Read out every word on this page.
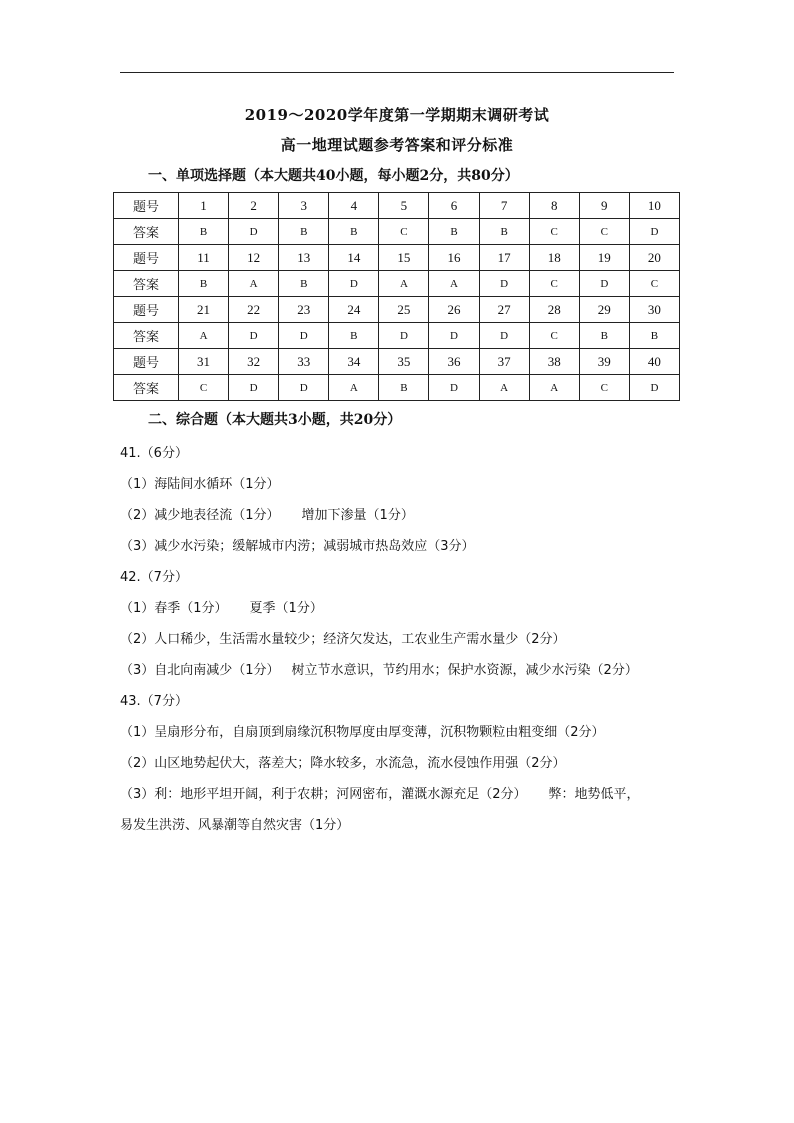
2019～2020学年度第一学期期末调研考试
高一地理试题参考答案和评分标准
一、单项选择题（本大题共40小题，每小题2分，共80分）
题号	1	2	3	4	5	6	7	8	9	10
答案	B	D	B	B	C	B	B	C	C	D
题号	11	12	13	14	15	16	17	18	19	20
答案	B	A	B	D	A	A	D	C	D	C
题号	21	22	23	24	25	26	27	28	29	30
答案	A	D	D	B	D	D	D	C	B	B
题号	31	32	33	34	35	36	37	38	39	40
答案	C	D	D	A	B	D	A	A	C	D
二、综合题（本大题共3小题，共20分）
41.（6分）
（1）海陆间水循环（1分）
（2）减少地表径流（1分） 增加下渗量（1分）
（3）减少水污染；缓解城市内涝；减弱城市热岛效应（3分）
42.（7分）
（1）春季（1分） 夏季（1分）
（2）人口稀少，生活需水量较少；经济欠发达，工农业生产需水量少（2分）
（3）自北向南减少（1分） 树立节水意识，节约用水；保护水资源，减少水污染（2分）
43.（7分）
（1）呈扇形分布，自扇顶到扇缘沉积物厚度由厚变薄，沉积物颗粒由粗变细（2分）
（2）山区地势起伏大，落差大；降水较多，水流急，流水侵蚀作用强（2分）
（3）利：地形平坦开阔，利于农耕；河网密布，灌溉水源充足（2分） 弊：地势低平，
易发生洪涝、风暴潮等自然灾害（1分）
